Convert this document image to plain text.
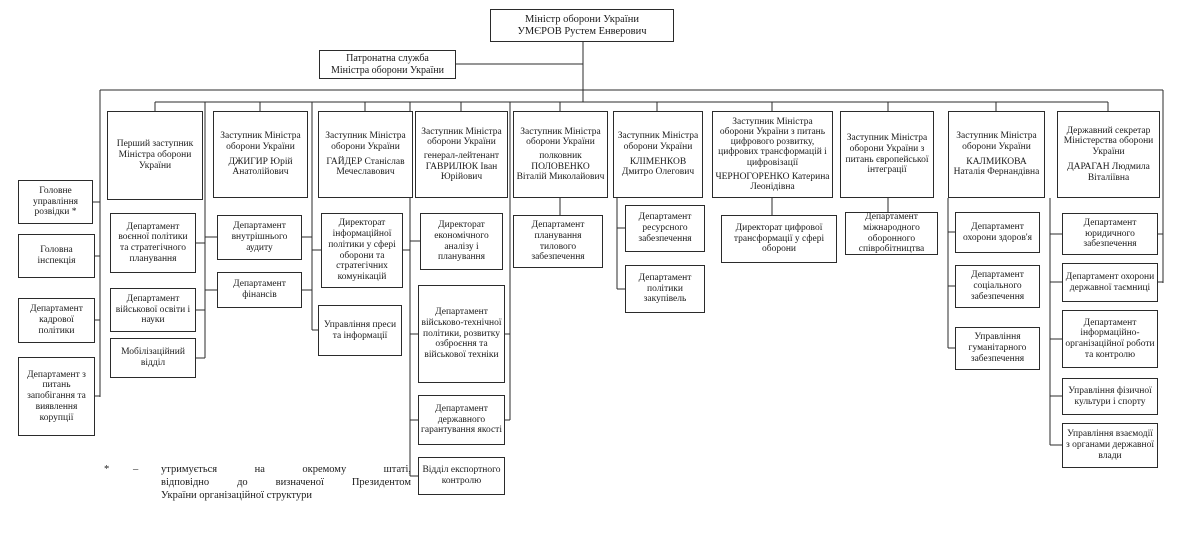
Міністр оборони України

УМЄРОВ Рустем Енверович

Патронатна служба

Міністра оборони України

Головне управління розвідки *

Головна інспекція

Департамент кадрової політики

Департамент з питань запобігання та виявлення корупції

Перший заступник Міністра оборони України

Департамент воєнної політики та стратегічного планування

Департамент військової освіти і науки

Мобілізаційний відділ

Заступник Міністра оборони України

ДЖИГИР Юрій Анатолійович

Департамент внутрішнього аудиту

Департамент фінансів

Заступник Міністра оборони України

ГАЙДЕР Станіслав Мечеславович

Директорат інформаційної політики у сфері оборони та стратегічних комунікацій

Управління преси та інформації

Заступник Міністра оборони України

генерал-лейтенант

ГАВРИЛЮК Іван Юрійович

Директорат економічного аналізу і планування

Департамент військово-технічної політики, розвитку озброєння та військової техніки

Департамент державного гарантування якості

Відділ експортного контролю

Заступник Міністра оборони України

полковник

ПОЛОВЕНКО Віталій Миколайович

Департамент планування тилового забезпечення

Заступник Міністра оборони України

КЛІМЕНКОВ Дмитро Олегович

Департамент ресурсного забезпечення

Департамент політики закупівель

Заступник Міністра оборони України з питань цифрового розвитку, цифрових трансформацій і цифровізації

ЧЕРНОГОРЕНКО Катерина Леонідівна

Директорат цифрової трансформації у сфері оборони

Заступник Міністра оборони України з питань європейської інтеграції

Департамент міжнародного оборонного співробітництва

Заступник Міністра оборони України

КАЛМИКОВА Наталія Фернандівна

Департамент охорони здоров'я

Департамент соціального забезпечення

Управління гуманітарного забезпечення

Державний секретар Міністерства оборони України

ДАРАГАН Людмила Віталіївна

Департамент юридичного забезпечення

Департамент охорони державної таємниці

Департамент інформаційно-організаційної роботи та контролю

Управління фізичної культури і спорту

Управління взаємодії з органами державної влади

*	–	утримується на окремому штаті,
відповідно до визначеної Президентом
України організаційної структури
